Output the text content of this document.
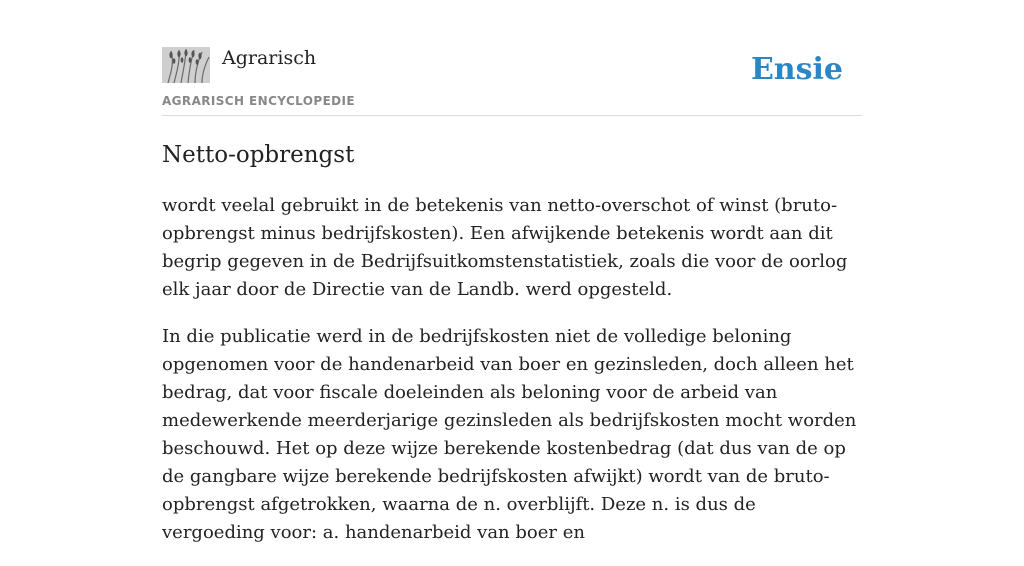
Agrarisch
AGRARISCH ENCYCLOPEDIE
Ensie
Netto-opbrengst

wordt veelal gebruikt in de betekenis van netto-overschot of winst (bruto-opbrengst minus bedrijfskosten). Een afwijkende betekenis wordt aan dit begrip gegeven in de Bedrijfsuitkomstenstatistiek, zoals die voor de oorlog elk jaar door de Directie van de Landb. werd opgesteld.

In die publicatie werd in de bedrijfskosten niet de volledige beloning opgenomen voor de handenarbeid van boer en gezinsleden, doch alleen het bedrag, dat voor fiscale doeleinden als beloning voor de arbeid van medewerkende meerderjarige gezinsleden als bedrijfskosten mocht worden beschouwd. Het op deze wijze berekende kostenbedrag (dat dus van de op de gangbare wijze berekende bedrijfskosten afwijkt) wordt van de bruto-opbrengst afgetrokken, waarna de n. overblijft. Deze n. is dus de vergoeding voor: a. handenarbeid van boer en
